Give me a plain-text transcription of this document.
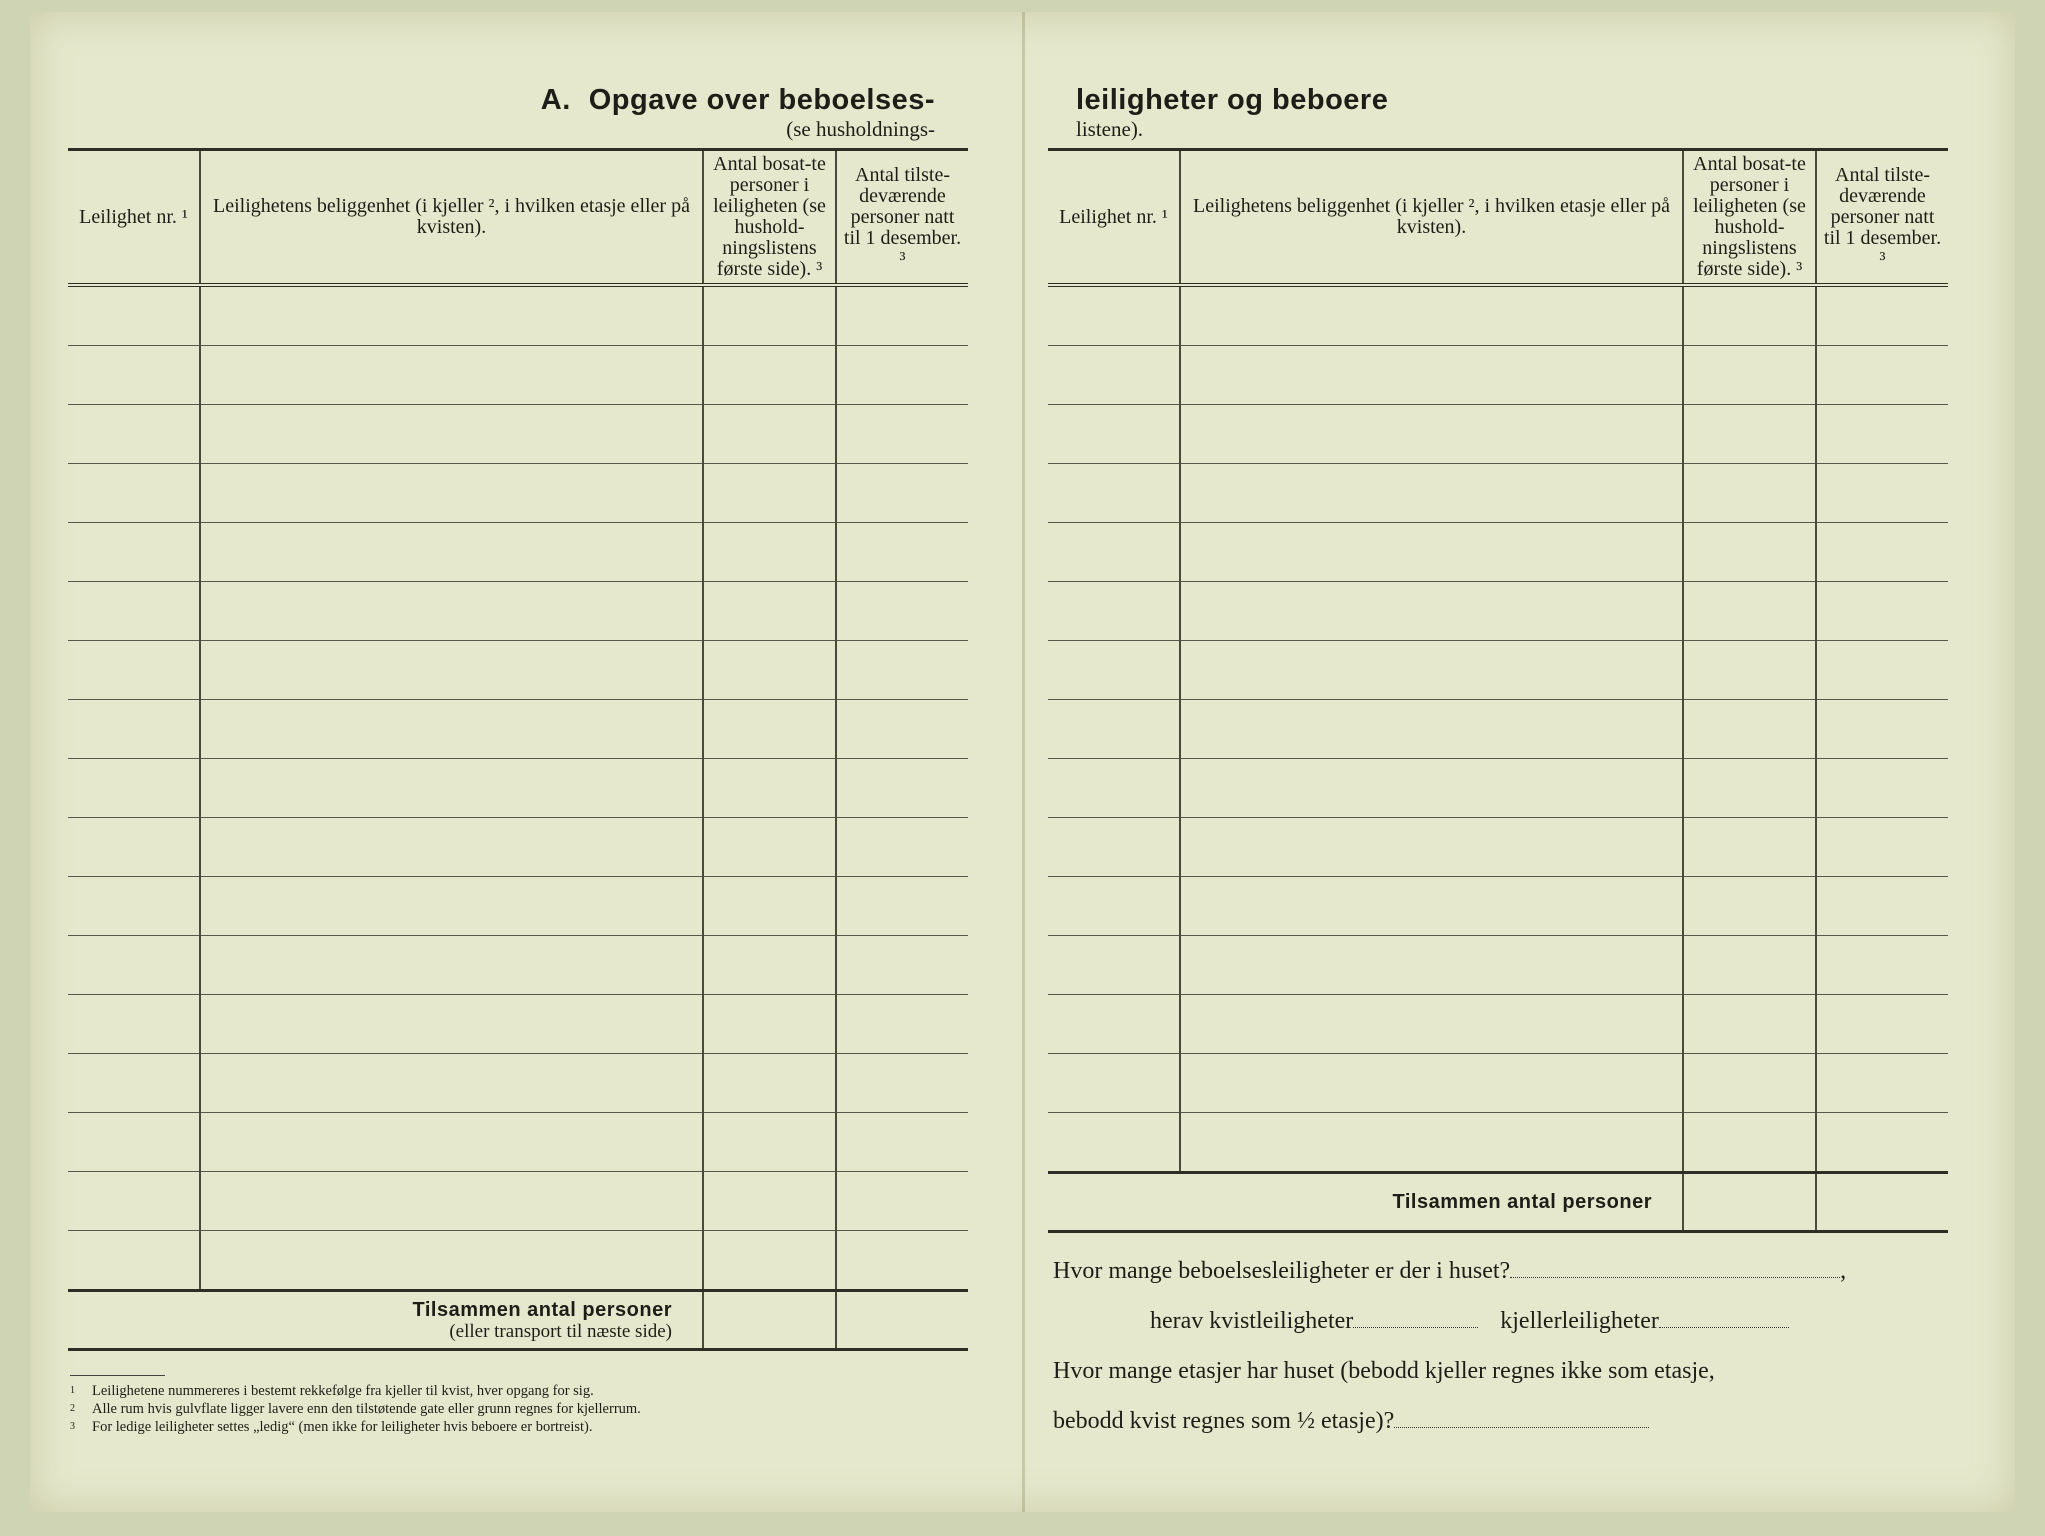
A. Opgave over beboelses-
(se husholdnings-
leiligheter og beboere
listene).
Leilighet nr. ¹	Leilighetens beliggenhet (i kjeller ², i hvilken etasje eller på kvisten).	Antal bosat-te personer i leiligheten (se hushold-ningslistens første side). ³	Antal tilste-deværende personer natt til 1 desember. ³

Tilsammen antal personer
(eller transport til næste side)			

Leilighet nr. ¹	Leilighetens beliggenhet (i kjeller ², i hvilken etasje eller på kvisten).	Antal bosat-te personer i leiligheten (se hushold-ningslistens første side). ³	Antal tilste-deværende personer natt til 1 desember. ³

Tilsammen antal personer			

1 Leilighetene nummereres i bestemt rekkefølge fra kjeller til kvist, hver opgang for sig.
2 Alle rum hvis gulvflate ligger lavere enn den tilstøtende gate eller grunn regnes for kjellerrum.
3 For ledige leiligheter settes „ledig“ (men ikke for leiligheter hvis beboere er bortreist).
Hvor mange beboelsesleiligheter er der i huset?	,
herav kvistleiligheter	kjellerleiligheter
Hvor mange etasjer har huset (bebodd kjeller regnes ikke som etasje,
bebodd kvist regnes som ½ etasje)?
